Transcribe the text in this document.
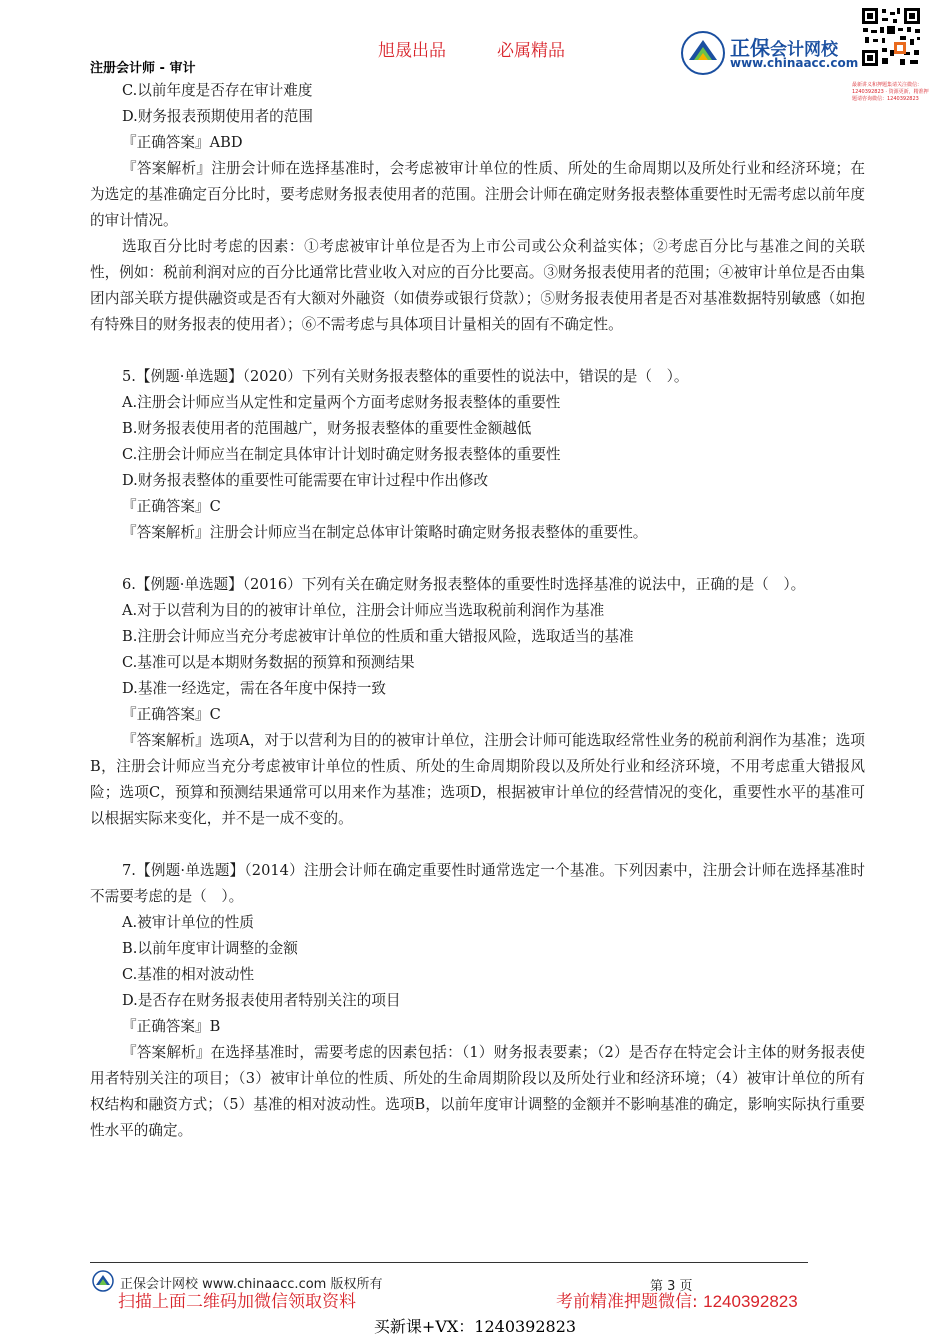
旭晟出品	必属精品
注册会计师 - 审计
正保会计网校
www.chinaacc.com
最新讲义和押题集请关注微信：1240392823 · 资源更新，精准押题请咨询微信：1240392823

C.以前年度是否存在审计难度

D.财务报表预期使用者的范围

『正确答案』ABD

『答案解析』注册会计师在选择基准时，会考虑被审计单位的性质、所处的生命周期以及所处行业和经济环境；在为选定的基准确定百分比时，要考虑财务报表使用者的范围。注册会计师在确定财务报表整体重要性时无需考虑以前年度的审计情况。

选取百分比时考虑的因素：①考虑被审计单位是否为上市公司或公众利益实体；②考虑百分比与基准之间的关联性，例如：税前利润对应的百分比通常比营业收入对应的百分比要高。③财务报表使用者的范围；④被审计单位是否由集团内部关联方提供融资或是否有大额对外融资（如债券或银行贷款）；⑤财务报表使用者是否对基准数据特别敏感（如抱有特殊目的财务报表的使用者）；⑥不需考虑与具体项目计量相关的固有不确定性。

5.【例题·单选题】（2020）下列有关财务报表整体的重要性的说法中，错误的是（　）。

A.注册会计师应当从定性和定量两个方面考虑财务报表整体的重要性

B.财务报表使用者的范围越广，财务报表整体的重要性金额越低

C.注册会计师应当在制定具体审计计划时确定财务报表整体的重要性

D.财务报表整体的重要性可能需要在审计过程中作出修改

『正确答案』C

『答案解析』注册会计师应当在制定总体审计策略时确定财务报表整体的重要性。

6.【例题·单选题】（2016）下列有关在确定财务报表整体的重要性时选择基准的说法中，正确的是（　）。

A.对于以营利为目的的被审计单位，注册会计师应当选取税前利润作为基准

B.注册会计师应当充分考虑被审计单位的性质和重大错报风险，选取适当的基准

C.基准可以是本期财务数据的预算和预测结果

D.基准一经选定，需在各年度中保持一致

『正确答案』C

『答案解析』选项A，对于以营利为目的的被审计单位，注册会计师可能选取经常性业务的税前利润作为基准；选项B，注册会计师应当充分考虑被审计单位的性质、所处的生命周期阶段以及所处行业和经济环境，不用考虑重大错报风险；选项C，预算和预测结果通常可以用来作为基准；选项D，根据被审计单位的经营情况的变化，重要性水平的基准可以根据实际来变化，并不是一成不变的。

7.【例题·单选题】（2014）注册会计师在确定重要性时通常选定一个基准。下列因素中，注册会计师在选择基准时不需要考虑的是（　）。

A.被审计单位的性质

B.以前年度审计调整的金额

C.基准的相对波动性

D.是否存在财务报表使用者特别关注的项目

『正确答案』B

『答案解析』在选择基准时，需要考虑的因素包括：（1）财务报表要素；（2）是否存在特定会计主体的财务报表使用者特别关注的项目；（3）被审计单位的性质、所处的生命周期阶段以及所处行业和经济环境；（4）被审计单位的所有权结构和融资方式；（5）基准的相对波动性。选项B，以前年度审计调整的金额并不影响基准的确定，影响实际执行重要性水平的确定。

正保会计网校 www.chinaacc.com 版权所有	第 3 页
扫描上面二维码加微信领取资料	考前精准押题微信: 1240392823
买新课+VX：1240392823
